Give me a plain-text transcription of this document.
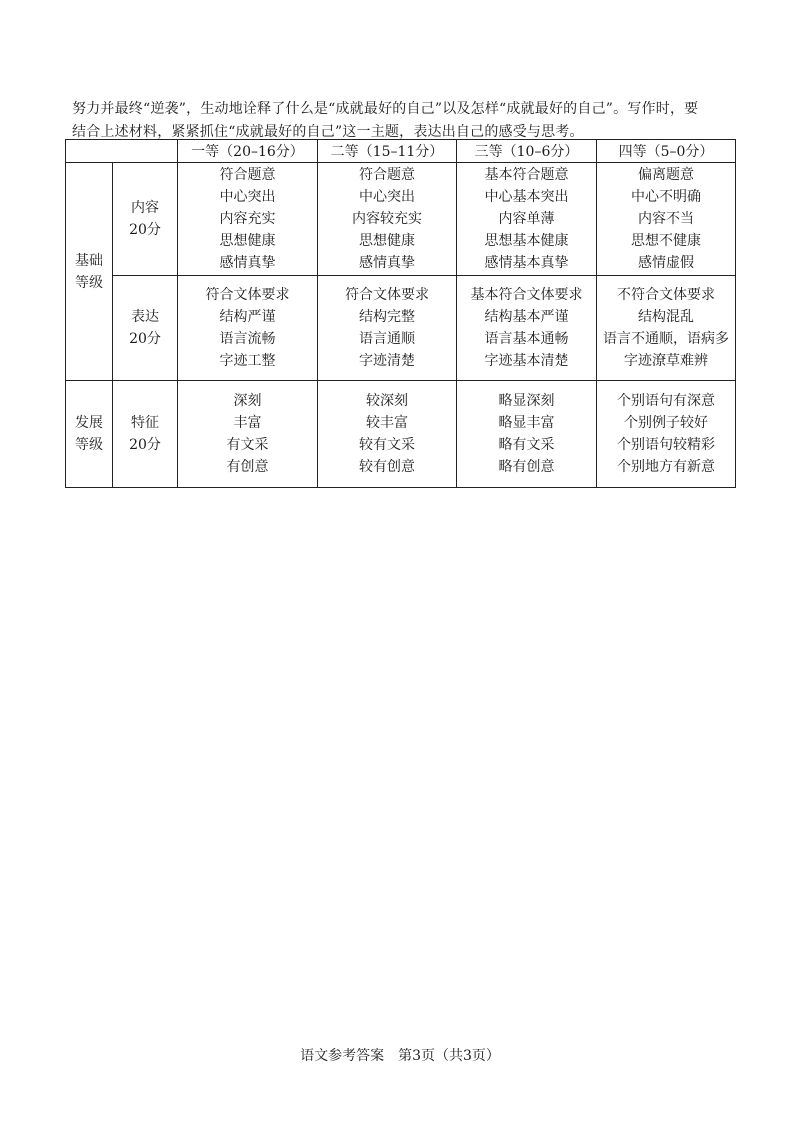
努力并最终“逆袭”，生动地诠释了什么是“成就最好的自己”以及怎样“成就最好的自己”。写作时，要

结合上述材料，紧紧抓住“成就最好的自己”这一主题，表达出自己的感受与思考。

		一等（20–16分）	二等（15–11分）	三等（10–6分）	四等（5–0分）

基础
等级	内容
20分	符合题意
中心突出
内容充实
思想健康
感情真挚	符合题意
中心突出
内容较充实
思想健康
感情真挚	基本符合题意
中心基本突出
内容单薄
思想基本健康
感情基本真挚	偏离题意
中心不明确
内容不当
思想不健康
感情虚假

	表达
20分	符合文体要求
结构严谨
语言流畅
字迹工整	符合文体要求
结构完整
语言通顺
字迹清楚	基本符合文体要求
结构基本严谨
语言基本通畅
字迹基本清楚	不符合文体要求
结构混乱
语言不通顺，语病多
字迹潦草难辨

发展
等级	特征
20分	深刻
丰富
有文采
有创意	较深刻
较丰富
较有文采
较有创意	略显深刻
略显丰富
略有文采
略有创意	个别语句有深意
个别例子较好
个别语句较精彩
个别地方有新意
语文参考答案　第3页（共3页）
